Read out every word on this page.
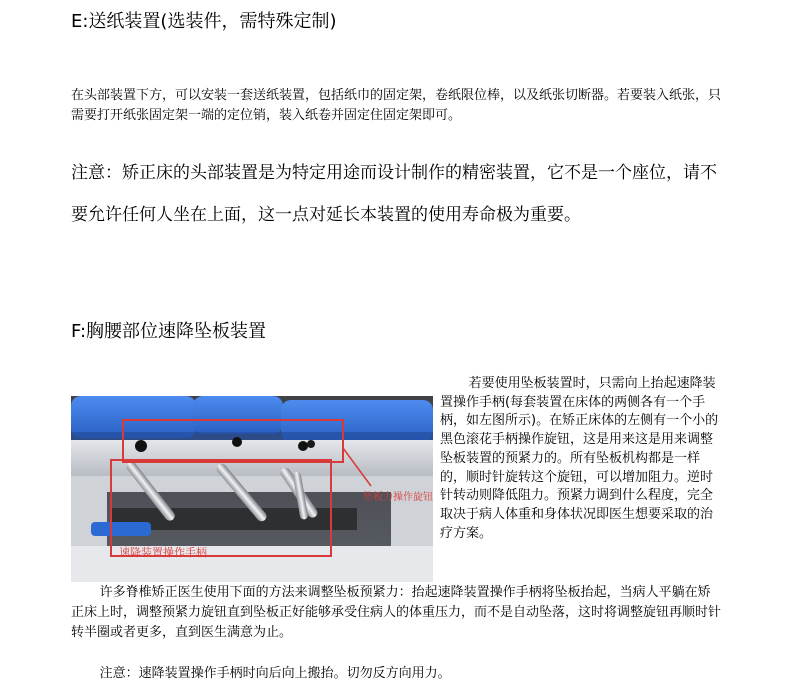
E:送纸装置(选装件，需特殊定制)
在头部装置下方，可以安装一套送纸装置，包括纸巾的固定架，卷纸限位棒，以及纸张切断器。若要装入纸张，只需要打开纸张固定架一端的定位销，装入纸卷并固定住固定架即可。
注意：矫正床的头部装置是为特定用途而设计制作的精密装置，它不是一个座位，请不要允许任何人坐在上面，这一点对延长本装置的使用寿命极为重要。
F:胸腰部位速降坠板装置
速降装置操作手柄
坠板力操作旋钮
若要使用坠板装置时，只需向上抬起速降装置操作手柄(每套装置在床体的两侧各有一个手柄，如左图所示)。在矫正床体的左侧有一个小的黑色滚花手柄操作旋钮，这是用来这是用来调整坠板装置的预紧力的。所有坠板机构都是一样的，顺时针旋转这个旋钮，可以增加阻力。逆时针转动则降低阻力。预紧力调到什么程度，完全取决于病人体重和身体状况即医生想要采取的治疗方案。
许多脊椎矫正医生使用下面的方法来调整坠板预紧力：抬起速降装置操作手柄将坠板抬起，当病人平躺在矫正床上时，调整预紧力旋钮直到坠板正好能够承受住病人的体重压力，而不是自动坠落，这时将调整旋钮再顺时针转半圈或者更多，直到医生满意为止。
注意：速降装置操作手柄时向后向上搬抬。切勿反方向用力。
